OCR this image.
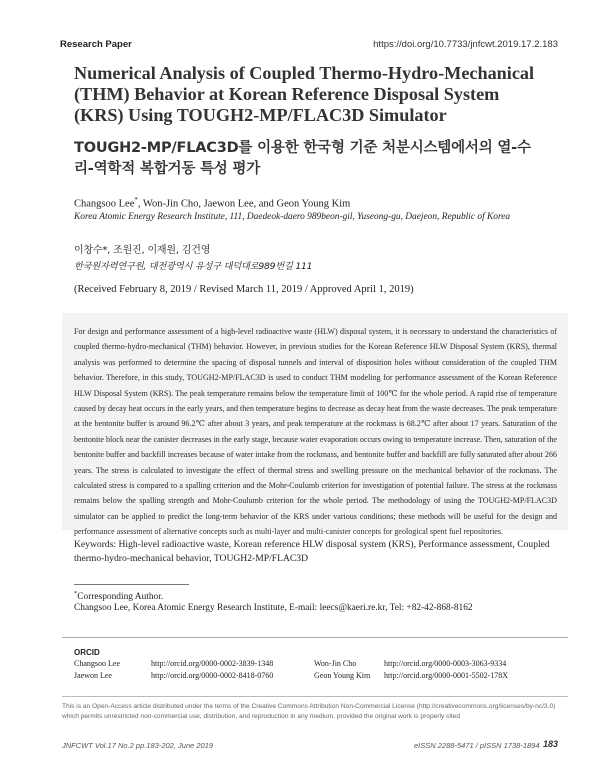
Research Paper	https://doi.org/10.7733/jnfcwt.2019.17.2.183
Numerical Analysis of Coupled Thermo-Hydro-Mechanical (THM) Behavior at Korean Reference Disposal System (KRS) Using TOUGH2-MP/FLAC3D Simulator
TOUGH2-MP/FLAC3D를 이용한 한국형 기준 처분시스템에서의 열-수리-역학적 복합거동 특성 평가
Changsoo Lee*, Won-Jin Cho, Jaewon Lee, and Geon Young Kim
Korea Atomic Energy Research Institute, 111, Daedeok-daero 989beon-gil, Yuseong-gu, Daejeon, Republic of Korea
이창수*, 조원진, 이재원, 김건영
한국원자력연구원, 대전광역시 유성구 대덕대로989번길 111
(Received February 8, 2019 / Revised March 11, 2019 / Approved April 1, 2019)
For design and performance assessment of a high-level radioactive waste (HLW) disposal system, it is necessary to understand the characteristics of coupled thermo-hydro-mechanical (THM) behavior. However, in previous studies for the Korean Reference HLW Disposal System (KRS), thermal analysis was performed to determine the spacing of disposal tunnels and interval of disposition holes without consideration of the coupled THM behavior. Therefore, in this study, TOUGH2-MP/FLAC3D is used to conduct THM modeling for performance assessment of the Korean Reference HLW Disposal System (KRS). The peak temperature remains below the temperature limit of 100℃ for the whole period. A rapid rise of temperature caused by decay heat occurs in the early years, and then temperature begins to decrease as decay heat from the waste decreases. The peak temperature at the bentonite buffer is around 96.2℃ after about 3 years, and peak temperature at the rockmass is 68.2℃ after about 17 years. Saturation of the bentonite block near the canister decreases in the early stage, because water evaporation occurs owing to temperature increase. Then, saturation of the bentonite buffer and backfill increases because of water intake from the rockmass, and bentonite buffer and backfill are fully saturated after about 266 years. The stress is calculated to investigate the effect of thermal stress and swelling pressure on the mechanical behavior of the rockmass. The calculated stress is compared to a spalling criterion and the Mohr-Coulumb criterion for investigation of potential failure. The stress at the rockmass remains below the spalling strength and Mohr-Coulumb criterion for the whole period. The methodology of using the TOUGH2-MP/FLAC3D simulator can be applied to predict the long-term behavior of the KRS under various conditions; these methods will be useful for the design and performance assessment of alternative concepts such as multi-layer and multi-canister concepts for geological spent fuel repositories.
Keywords: High-level radioactive waste, Korean reference HLW disposal system (KRS), Performance assessment, Coupled thermo-hydro-mechanical behavior, TOUGH2-MP/FLAC3D
*Corresponding Author.
Changsoo Lee, Korea Atomic Energy Research Institute, E-mail: leecs@kaeri.re.kr, Tel: +82-42-868-8162
ORCID
Changsoo Lee	http://orcid.org/0000-0002-3839-1348	Won-Jin Cho	http://orcid.org/0000-0003-3063-9334
Jaewon Lee	http://orcid.org/0000-0002-8418-0760	Geon Young Kim http://orcid.org/0000-0001-5502-178X
This is an Open-Access article distributed under the terms of the Creative Commons Attribution Non-Commercial License (http://creativecommons.org/licenses/by-nc/3.0) which permits unrestricted non-commercial use, distribution, and reproduction in any medium, provided the original work is properly cited
JNFCWT Vol.17 No.2 pp.183-202, June 2019	eISSN 2288-5471 / pISSN 1738-1894 183
